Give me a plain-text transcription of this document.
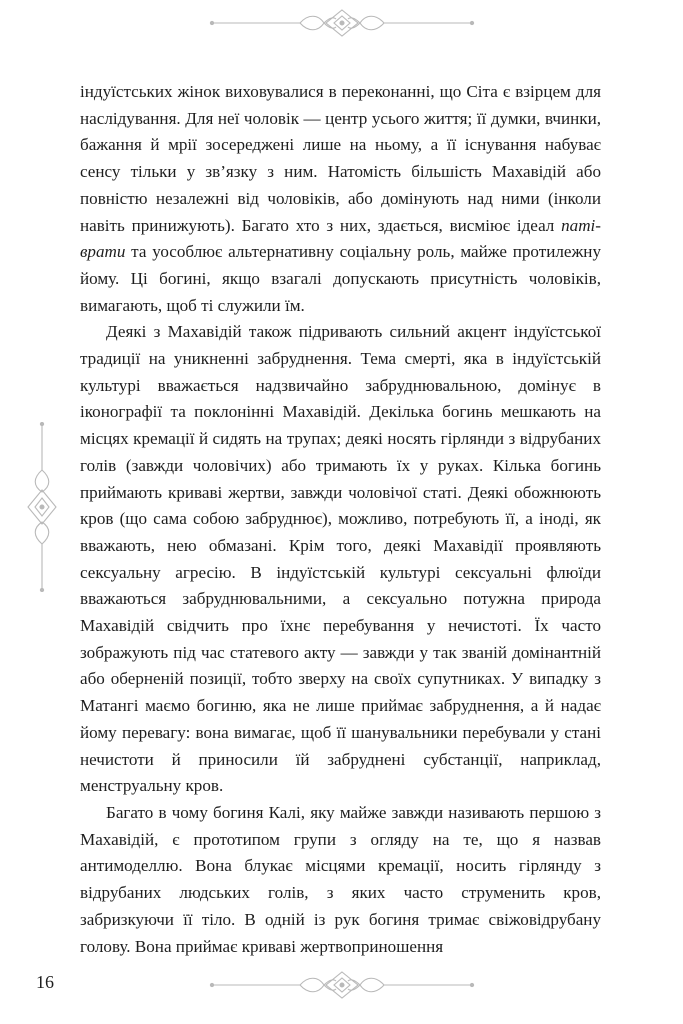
індуїстських жінок виховувалися в переконанні, що Сіта є взірцем для наслідування. Для неї чоловік — центр усього життя; її думки, вчинки, бажання й мрії зосереджені лише на ньому, а її існування набуває сенсу тільки у зв’язку з ним. Натомість більшість Махавідій або повністю незалежні від чоловіків, або домінують над ними (інколи навіть принижують). Багато хто з них, здається, висміює ідеал паті-врати та уособлює альтернативну соціальну роль, майже протилежну йому. Ці богині, якщо взагалі допускають присутність чоловіків, вимагають, щоб ті служили їм.

Деякі з Махавідій також підривають сильний акцент індуїстської традиції на уникненні забруднення. Тема смерті, яка в індуїстській культурі вважається надзвичайно забруднювальною, домінує в іконографії та поклонінні Махавідій. Декілька богинь мешкають на місцях кремації й сидять на трупах; деякі носять гірлянди з відрубаних голів (завжди чоловічих) або тримають їх у руках. Кілька богинь приймають криваві жертви, завжди чоловічої статі. Деякі обожнюють кров (що сама собою забруднює), можливо, потребують її, а іноді, як вважають, нею обмазані. Крім того, деякі Махавідії проявляють сексуальну агресію. В індуїстській культурі сексуальні флюїди вважаються забруднювальними, а сексуально потужна природа Махавідій свідчить про їхнє перебування у нечистоті. Їх часто зображують під час статевого акту — завжди у так званій домінантній або оберненій позиції, тобто зверху на своїх супутниках. У випадку з Матангі маємо богиню, яка не лише приймає забруднення, а й надає йому перевагу: вона вимагає, щоб її шанувальники перебували у стані нечистоти й приносили їй забруднені субстанції, наприклад, менструальну кров.

Багато в чому богиня Калі, яку майже завжди називають першою з Махавідій, є прототипом групи з огляду на те, що я назвав антимоделлю. Вона блукає місцями кремації, носить гірлянду з відрубаних людських голів, з яких часто струменить кров, забризкуючи її тіло. В одній із рук богиня тримає свіжовідрубану голову. Вона приймає криваві жертвоприношення

16
